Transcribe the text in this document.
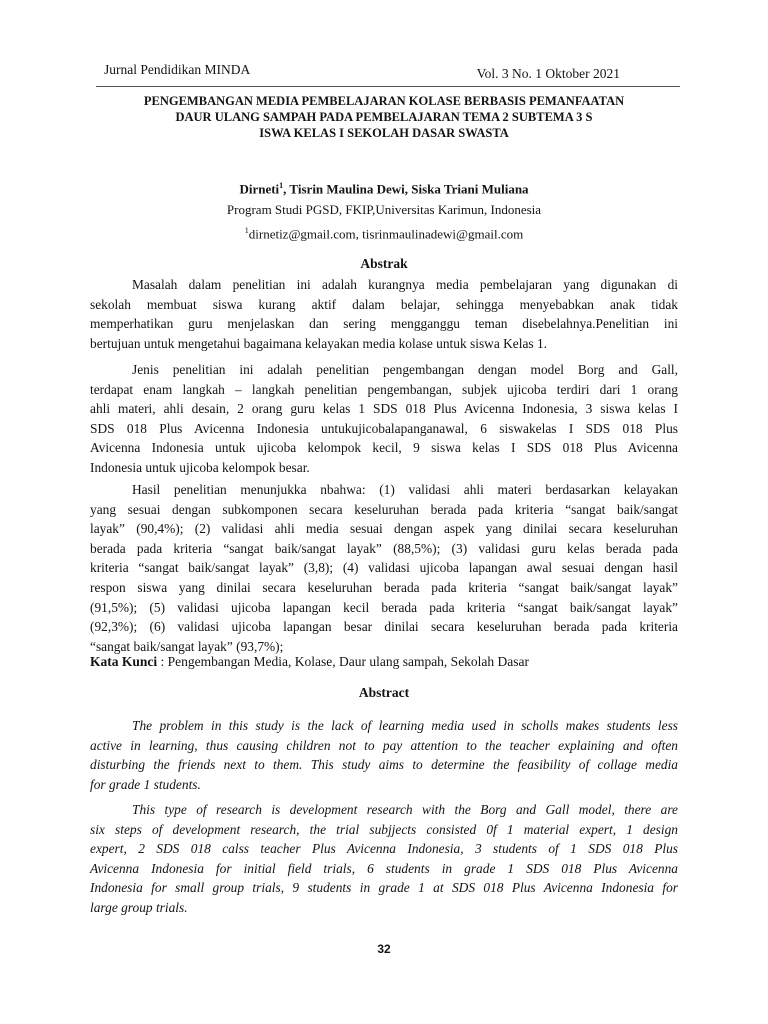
Jurnal Pendidikan MINDA	Vol. 3 No. 1 Oktober 2021
PENGEMBANGAN MEDIA PEMBELAJARAN KOLASE BERBASIS PEMANFAATAN
DAUR ULANG SAMPAH PADA PEMBELAJARAN TEMA 2 SUBTEMA 3 S
ISWA KELAS I SEKOLAH DASAR SWASTA
Dirneti$^1$, Tisrin Maulina Dewi, Siska Triani Muliana
Program Studi PGSD, FKIP,Universitas Karimun, Indonesia
$^1$dirnetiz@gmail.com, tisrinmaulinadewi@gmail.com
Abstrak
Masalah dalam penelitian ini adalah kurangnya media pembelajaran yang digunakan di
sekolah membuat siswa kurang aktif dalam belajar, sehingga menyebabkan anak tidak
memperhatikan guru menjelaskan dan sering mengganggu teman disebelahnya.Penelitian ini
bertujuan untuk mengetahui bagaimana kelayakan media kolase untuk siswa Kelas 1.
Jenis penelitian ini adalah penelitian pengembangan dengan model Borg and Gall,
terdapat enam langkah – langkah penelitian pengembangan, subjek ujicoba terdiri dari 1 orang
ahli materi, ahli desain, 2 orang guru kelas 1 SDS 018 Plus Avicenna Indonesia, 3 siswa kelas I
SDS 018 Plus Avicenna Indonesia untukujicobalapanganawal, 6 siswakelas I SDS 018 Plus
Avicenna Indonesia untuk ujicoba kelompok kecil, 9 siswa kelas I SDS 018 Plus Avicenna
Indonesia untuk ujicoba kelompok besar.
Hasil penelitian menunjukka nbahwa: (1) validasi ahli materi berdasarkan kelayakan
yang sesuai dengan subkomponen secara keseluruhan berada pada kriteria “sangat baik/sangat
layak” (90,4%); (2) validasi ahli media sesuai dengan aspek yang dinilai secara keseluruhan
berada pada kriteria “sangat baik/sangat layak” (88,5%); (3) validasi guru kelas berada pada
kriteria “sangat baik/sangat layak” (3,8); (4) validasi ujicoba lapangan awal sesuai dengan hasil
respon siswa yang dinilai secara keseluruhan berada pada kriteria “sangat baik/sangat layak”
(91,5%); (5) validasi ujicoba lapangan kecil berada pada kriteria “sangat baik/sangat layak”
(92,3%); (6) validasi ujicoba lapangan besar dinilai secara keseluruhan berada pada kriteria
“sangat baik/sangat layak” (93,7%);
Kata Kunci : Pengembangan Media, Kolase, Daur ulang sampah, Sekolah Dasar
Abstract
The problem in this study is the lack of learning media used in scholls makes students less
active in learning, thus causing children not to pay attention to the teacher explaining and often
disturbing the friends next to them. This study aims to determine the feasibility of collage media
for grade 1 students.
This type of research is development research with the Borg and Gall model, there are
six steps of development research, the trial subjjects consisted 0f 1 material expert, 1 design
expert, 2 SDS 018 calss teacher Plus Avicenna Indonesia, 3 students of 1 SDS 018 Plus
Avicenna Indonesia for initial field trials, 6 students in grade 1 SDS 018 Plus Avicenna
Indonesia for small group trials, 9 students in grade 1 at SDS 018 Plus Avicenna Indonesia for
large group trials.
32
